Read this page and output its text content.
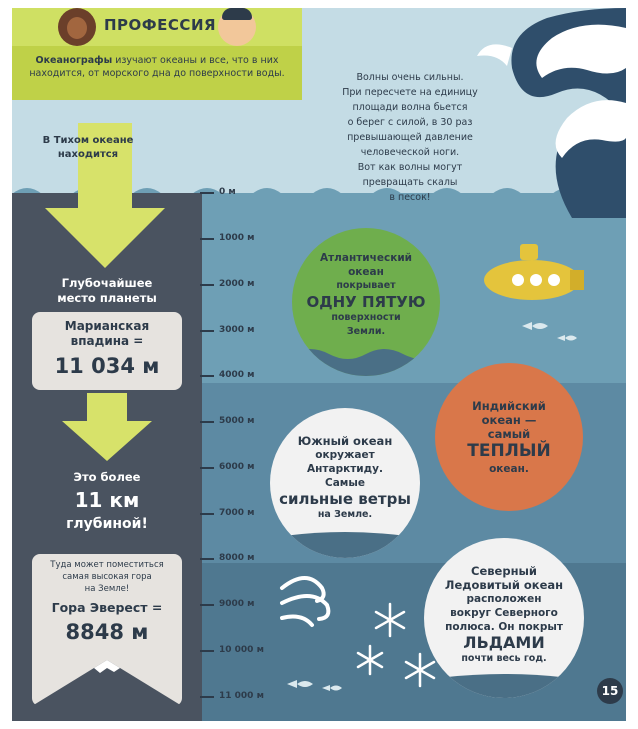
ПРОФЕССИЯ
Океанографы изучают океаны и все, что в них находится, от морского дна до поверхности воды.	Волны очень сильны.
При пересчете на единицу
площади волна бьется
о берег с силой, в 30 раз
превышающей давление
человеческой ноги.
Вот как волны могут
превращать скалы
в песок!
В Тихом океане
находится
Глубочайшее
место планеты
Марианская
впадина =
11 034 м
Это более
11 км
глубиной!
Туда может поместиться
самая высокая гора
на Земле!
Гора Эверест =
8848 м
0 м
1000 м
2000 м
3000 м
4000 м
5000 м
6000 м
7000 м
8000 м
9000 м
10 000 м
11 000 м
Атлантический
океан
покрывает
ОДНУ ПЯТУЮ
поверхности
Земли.
Индийский
океан —
самый
ТЕПЛЫЙ
океан.
Южный океан
окружает
Антарктиду.
Самые
сильные ветры
на Земле.
Северный
Ледовитый океан
расположен
вокруг Северного
полюса. Он покрыт
ЛЬДАМИ
почти весь год.
15
